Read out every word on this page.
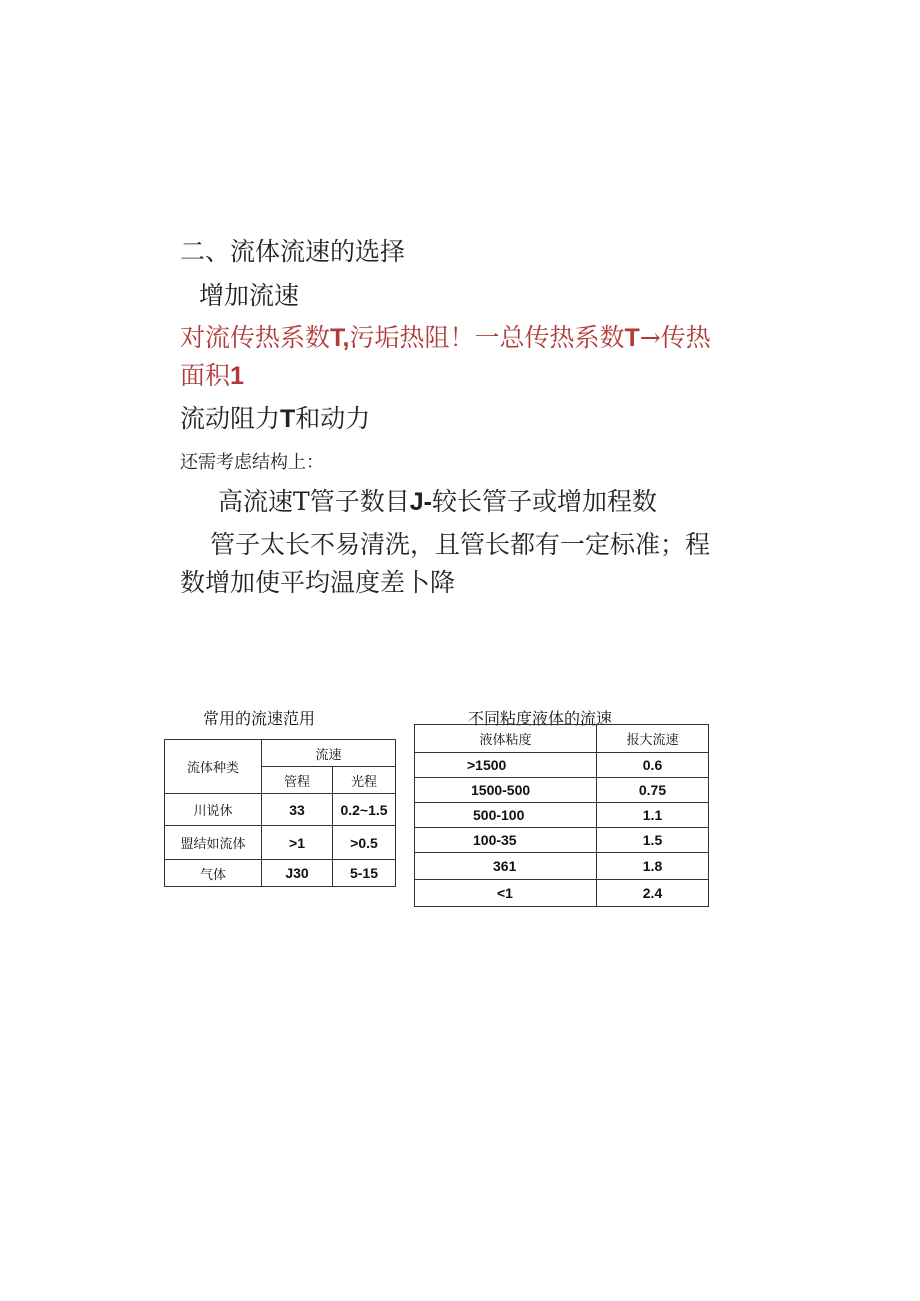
二、流体流速的选择
增加流速
对流传热系数T,污垢热阻！一总传热系数T→传热
面积1
流动阻力T和动力
还需考虑结构上：
高流速T管子数目J-较长管子或增加程数
管子太长不易清洗，且管长都有一定标准；程
数增加使平均温度差卜降
常用的流速范用
流体种类	流速	
	管程	光程
川说休	33	0.2~1.5
盟结如流体	>1	>0.5
气体	J30	5-15
不同粘度液体的流速
液体粘度	报大流速
>1500	0.6
1500-500	0.75
500-100	1.1
100-35	1.5
361	1.8
<1	2.4
